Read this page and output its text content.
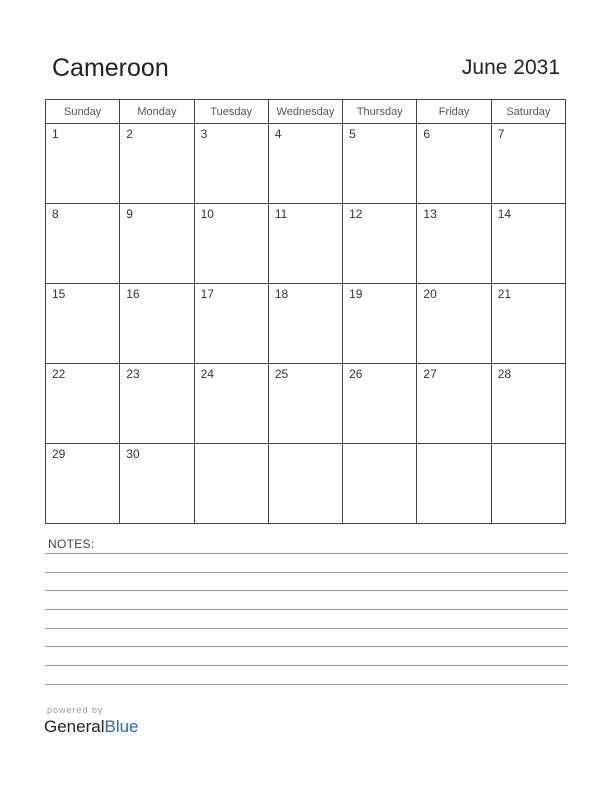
Cameroon	June 2031
Sunday	Monday	Tuesday	Wednesday	Thursday	Friday	Saturday
1	2	3	4	5	6	7
8	9	10	11	12	13	14
15	16	17	18	19	20	21
22	23	24	25	26	27	28
29	30					
NOTES:
powered by
GeneralBlue
